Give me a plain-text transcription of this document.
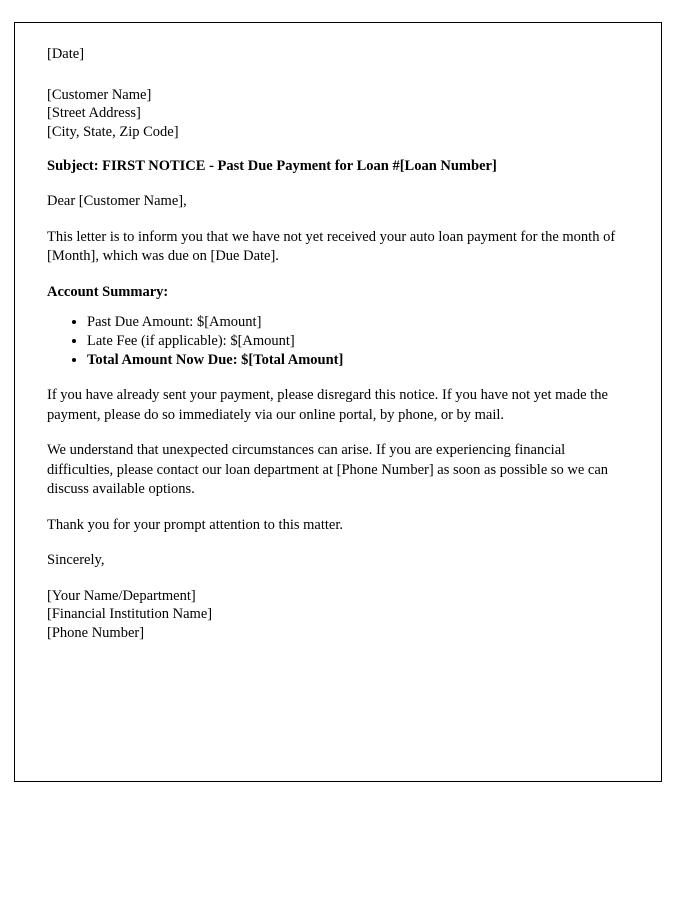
[Date]

[Customer Name]

[Street Address]

[City, State, Zip Code]

Subject: FIRST NOTICE - Past Due Payment for Loan #[Loan Number]

Dear [Customer Name],

This letter is to inform you that we have not yet received your auto loan payment for the month of [Month], which was due on [Due Date].

Account Summary:

• Past Due Amount: $[Amount]
• Late Fee (if applicable): $[Amount]
• Total Amount Now Due: $[Total Amount]

If you have already sent your payment, please disregard this notice. If you have not yet made the payment, please do so immediately via our online portal, by phone, or by mail.

We understand that unexpected circumstances can arise. If you are experiencing financial difficulties, please contact our loan department at [Phone Number] as soon as possible so we can discuss available options.

Thank you for your prompt attention to this matter.

Sincerely,

[Your Name/Department]

[Financial Institution Name]

[Phone Number]
